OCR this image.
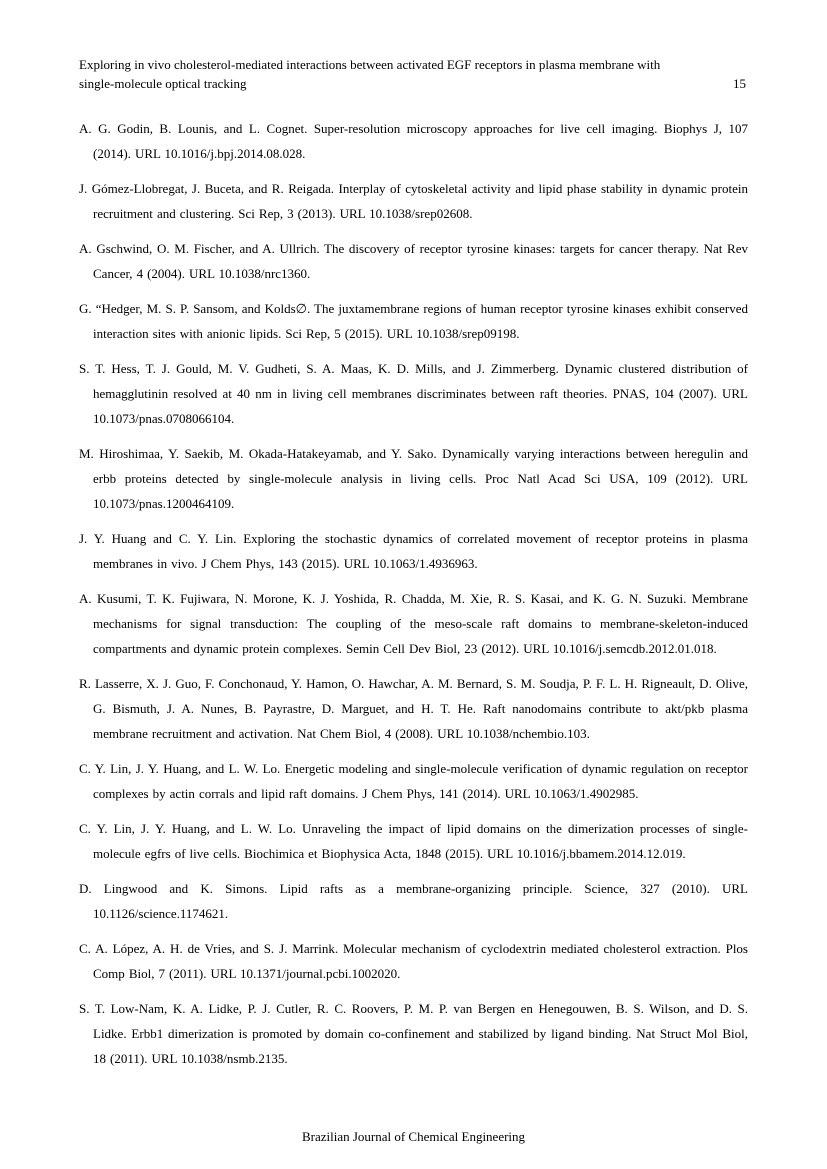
Exploring in vivo cholesterol-mediated interactions between activated EGF receptors in plasma membrane with
single-molecule optical tracking	15

A. G. Godin, B. Lounis, and L. Cognet. Super-resolution microscopy approaches for live cell imaging. Biophys J, 107 (2014). URL 10.1016/j.bpj.2014.08.028.

J. Gómez-Llobregat, J. Buceta, and R. Reigada. Interplay of cytoskeletal activity and lipid phase stability in dynamic protein recruitment and clustering. Sci Rep, 3 (2013). URL 10.1038/srep02608.

A. Gschwind, O. M. Fischer, and A. Ullrich. The discovery of receptor tyrosine kinases: targets for cancer therapy. Nat Rev Cancer, 4 (2004). URL 10.1038/nrc1360.

G. “Hedger, M. S. P. Sansom, and Kolds∅. The juxtamembrane regions of human receptor tyrosine kinases exhibit conserved interaction sites with anionic lipids. Sci Rep, 5 (2015). URL 10.1038/srep09198.

S. T. Hess, T. J. Gould, M. V. Gudheti, S. A. Maas, K. D. Mills, and J. Zimmerberg. Dynamic clustered distribution of hemagglutinin resolved at 40 nm in living cell membranes discriminates between raft theories. PNAS, 104 (2007). URL 10.1073/pnas.0708066104.

M. Hiroshimaa, Y. Saekib, M. Okada-Hatakeyamab, and Y. Sako. Dynamically varying interactions between heregulin and erbb proteins detected by single-molecule analysis in living cells. Proc Natl Acad Sci USA, 109 (2012). URL 10.1073/pnas.1200464109.

J. Y. Huang and C. Y. Lin. Exploring the stochastic dynamics of correlated movement of receptor proteins in plasma membranes in vivo. J Chem Phys, 143 (2015). URL 10.1063/1.4936963.

A. Kusumi, T. K. Fujiwara, N. Morone, K. J. Yoshida, R. Chadda, M. Xie, R. S. Kasai, and K. G. N. Suzuki. Membrane mechanisms for signal transduction: The coupling of the meso-scale raft domains to membrane-skeleton-induced compartments and dynamic protein complexes. Semin Cell Dev Biol, 23 (2012). URL 10.1016/j.semcdb.2012.01.018.

R. Lasserre, X. J. Guo, F. Conchonaud, Y. Hamon, O. Hawchar, A. M. Bernard, S. M. Soudja, P. F. L. H. Rigneault, D. Olive, G. Bismuth, J. A. Nunes, B. Payrastre, D. Marguet, and H. T. He. Raft nanodomains contribute to akt/pkb plasma membrane recruitment and activation. Nat Chem Biol, 4 (2008). URL 10.1038/nchembio.103.

C. Y. Lin, J. Y. Huang, and L. W. Lo. Energetic modeling and single-molecule verification of dynamic regulation on receptor complexes by actin corrals and lipid raft domains. J Chem Phys, 141 (2014). URL 10.1063/1.4902985.

C. Y. Lin, J. Y. Huang, and L. W. Lo. Unraveling the impact of lipid domains on the dimerization processes of single-molecule egfrs of live cells. Biochimica et Biophysica Acta, 1848 (2015). URL 10.1016/j.bbamem.2014.12.019.

D. Lingwood and K. Simons. Lipid rafts as a membrane-organizing principle. Science, 327 (2010). URL 10.1126/science.1174621.

C. A. López, A. H. de Vries, and S. J. Marrink. Molecular mechanism of cyclodextrin mediated cholesterol extraction. Plos Comp Biol, 7 (2011). URL 10.1371/journal.pcbi.1002020.

S. T. Low-Nam, K. A. Lidke, P. J. Cutler, R. C. Roovers, P. M. P. van Bergen en Henegouwen, B. S. Wilson, and D. S. Lidke. Erbb1 dimerization is promoted by domain co-confinement and stabilized by ligand binding. Nat Struct Mol Biol, 18 (2011). URL 10.1038/nsmb.2135.

Brazilian Journal of Chemical Engineering
